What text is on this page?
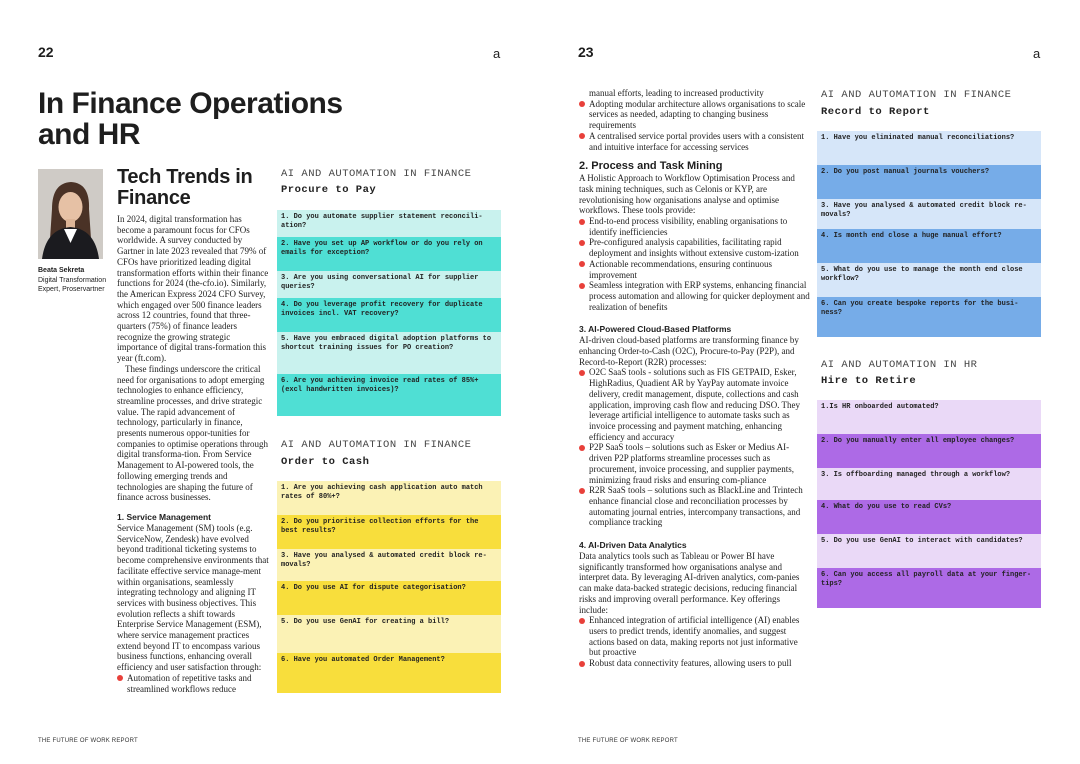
22	a
In Finance Operations and HR
Beata Sekreta
Digital Transformation Expert, Proservartner
Tech Trends in Finance

In 2024, digital transformation has become a paramount focus for CFOs worldwide. A survey conducted by Gartner in late 2023 revealed that 79% of CFOs have prioritized leading digital transformation efforts within their finance functions for 2024 (the-cfo.io). Similarly, the American Express 2024 CFO Survey, which engaged over 500 finance leaders across 12 countries, found that three-quarters (75%) of finance leaders recognize the growing strategic importance of digital trans-formation this year (ft.com).

These findings underscore the critical need for organisations to adopt emerging technologies to enhance efficiency, streamline processes, and drive strategic value. The rapid advancement of technology, particularly in finance, presents numerous oppor-tunities for companies to optimise operations through digital transforma-tion. From Service Management to AI-powered tools, the following emerging trends and technologies are shaping the future of finance across businesses.

1. Service Management

Service Management (SM) tools (e.g. ServiceNow, Zendesk) have evolved beyond traditional ticketing systems to become comprehensive environments that facilitate effective service manage-ment within organisations, seamlessly integrating technology and aligning IT services with business objectives. This evolution reflects a shift towards Enterprise Service Management (ESM), where service management practices extend beyond IT to encompass various business functions, enhancing overall efficiency and user satisfaction through:

Automation of repetitive tasks and streamlined workflows reduce
AI AND AUTOMATION IN FINANCE
Procure to Pay
1. Do you automate supplier statement reconcili-ation?
2. Have you set up AP workflow or do you rely on emails for exception?
3. Are you using conversational AI for supplier queries?
4. Do you leverage profit recovery for duplicate invoices incl. VAT recovery?
5. Have you embraced digital adoption platforms to shortcut training issues for PO creation?
6. Are you achieving invoice read rates of 85%+ (excl handwritten invoices)?
AI AND AUTOMATION IN FINANCE
Order to Cash
1. Are you achieving cash application auto match rates of 80%+?
2. Do you prioritise collection efforts for the best results?
3. Have you analysed & automated credit block re-movals?
4. Do you use AI for dispute categorisation?
5. Do you use GenAI for creating a bill?
6. Have you automated Order Management?
THE FUTURE OF WORK REPORT
23	a

manual efforts, leading to increased productivity

Adopting modular architecture allows organisations to scale services as needed, adapting to changing business requirements
A centralised service portal provides users with a consistent and intuitive interface for accessing services
2. Process and Task Mining

A Holistic Approach to Workflow Optimisation Process and task mining techniques, such as Celonis or KYP, are revolutionising how organisations analyse and optimise workflows. These tools provide:

End-to-end process visibility, enabling organisations to identify inefficiencies
Pre-configured analysis capabilities, facilitating rapid deployment and insights without extensive custom-ization
Actionable recommendations, ensuring continuous improvement
Seamless integration with ERP systems, enhancing financial process automation and allowing for quicker deployment and realization of benefits
3. AI-Powered Cloud-Based Platforms

AI-driven cloud-based platforms are transforming finance by enhancing Order-to-Cash (O2C), Procure-to-Pay (P2P), and Record-to-Report (R2R) processes:

O2C SaaS tools - solutions such as FIS GETPAID, Esker, HighRadius, Quadient AR by YayPay automate invoice delivery, credit management, dispute, collections and cash application, improving cash flow and reducing DSO. They leverage artificial intelligence to automate tasks such as invoice processing and payment matching, enhancing efficiency and accuracy
P2P SaaS tools – solutions such as Esker or Medius AI-driven P2P platforms streamline processes such as procurement, invoice processing, and supplier payments, minimizing fraud risks and ensuring com-pliance
R2R SaaS tools – solutions such as BlackLine and Trintech enhance financial close and reconciliation processes by automating journal entries, intercompany transactions, and compliance tracking
4. AI-Driven Data Analytics

Data analytics tools such as Tableau or Power BI have significantly transformed how organisations analyse and interpret data. By leveraging AI-driven analytics, com-panies can make data-backed strategic decisions, reducing financial risks and improving overall performance. Key offerings include:

Enhanced integration of artificial intelligence (AI) enables users to predict trends, identify anomalies, and suggest actions based on data, making reports not just informative but proactive
Robust data connectivity features, allowing users to pull
AI AND AUTOMATION IN FINANCE
Record to Report
1. Have you eliminated manual reconciliations?
2. Do you post manual journals vouchers?
3. Have you analysed & automated credit block re-movals?
4. Is month end close a huge manual effort?
5. What do you use to manage the month end close workflow?
6. Can you create bespoke reports for the busi-ness?
AI AND AUTOMATION IN HR
Hire to Retire
1.Is HR onboarded automated?
2. Do you manually enter all employee changes?
3. Is offboarding managed through a workflow?
4. What do you use to read CVs?
5. Do you use GenAI to interact with candidates?
6. Can you access all payroll data at your finger-tips?
THE FUTURE OF WORK REPORT
